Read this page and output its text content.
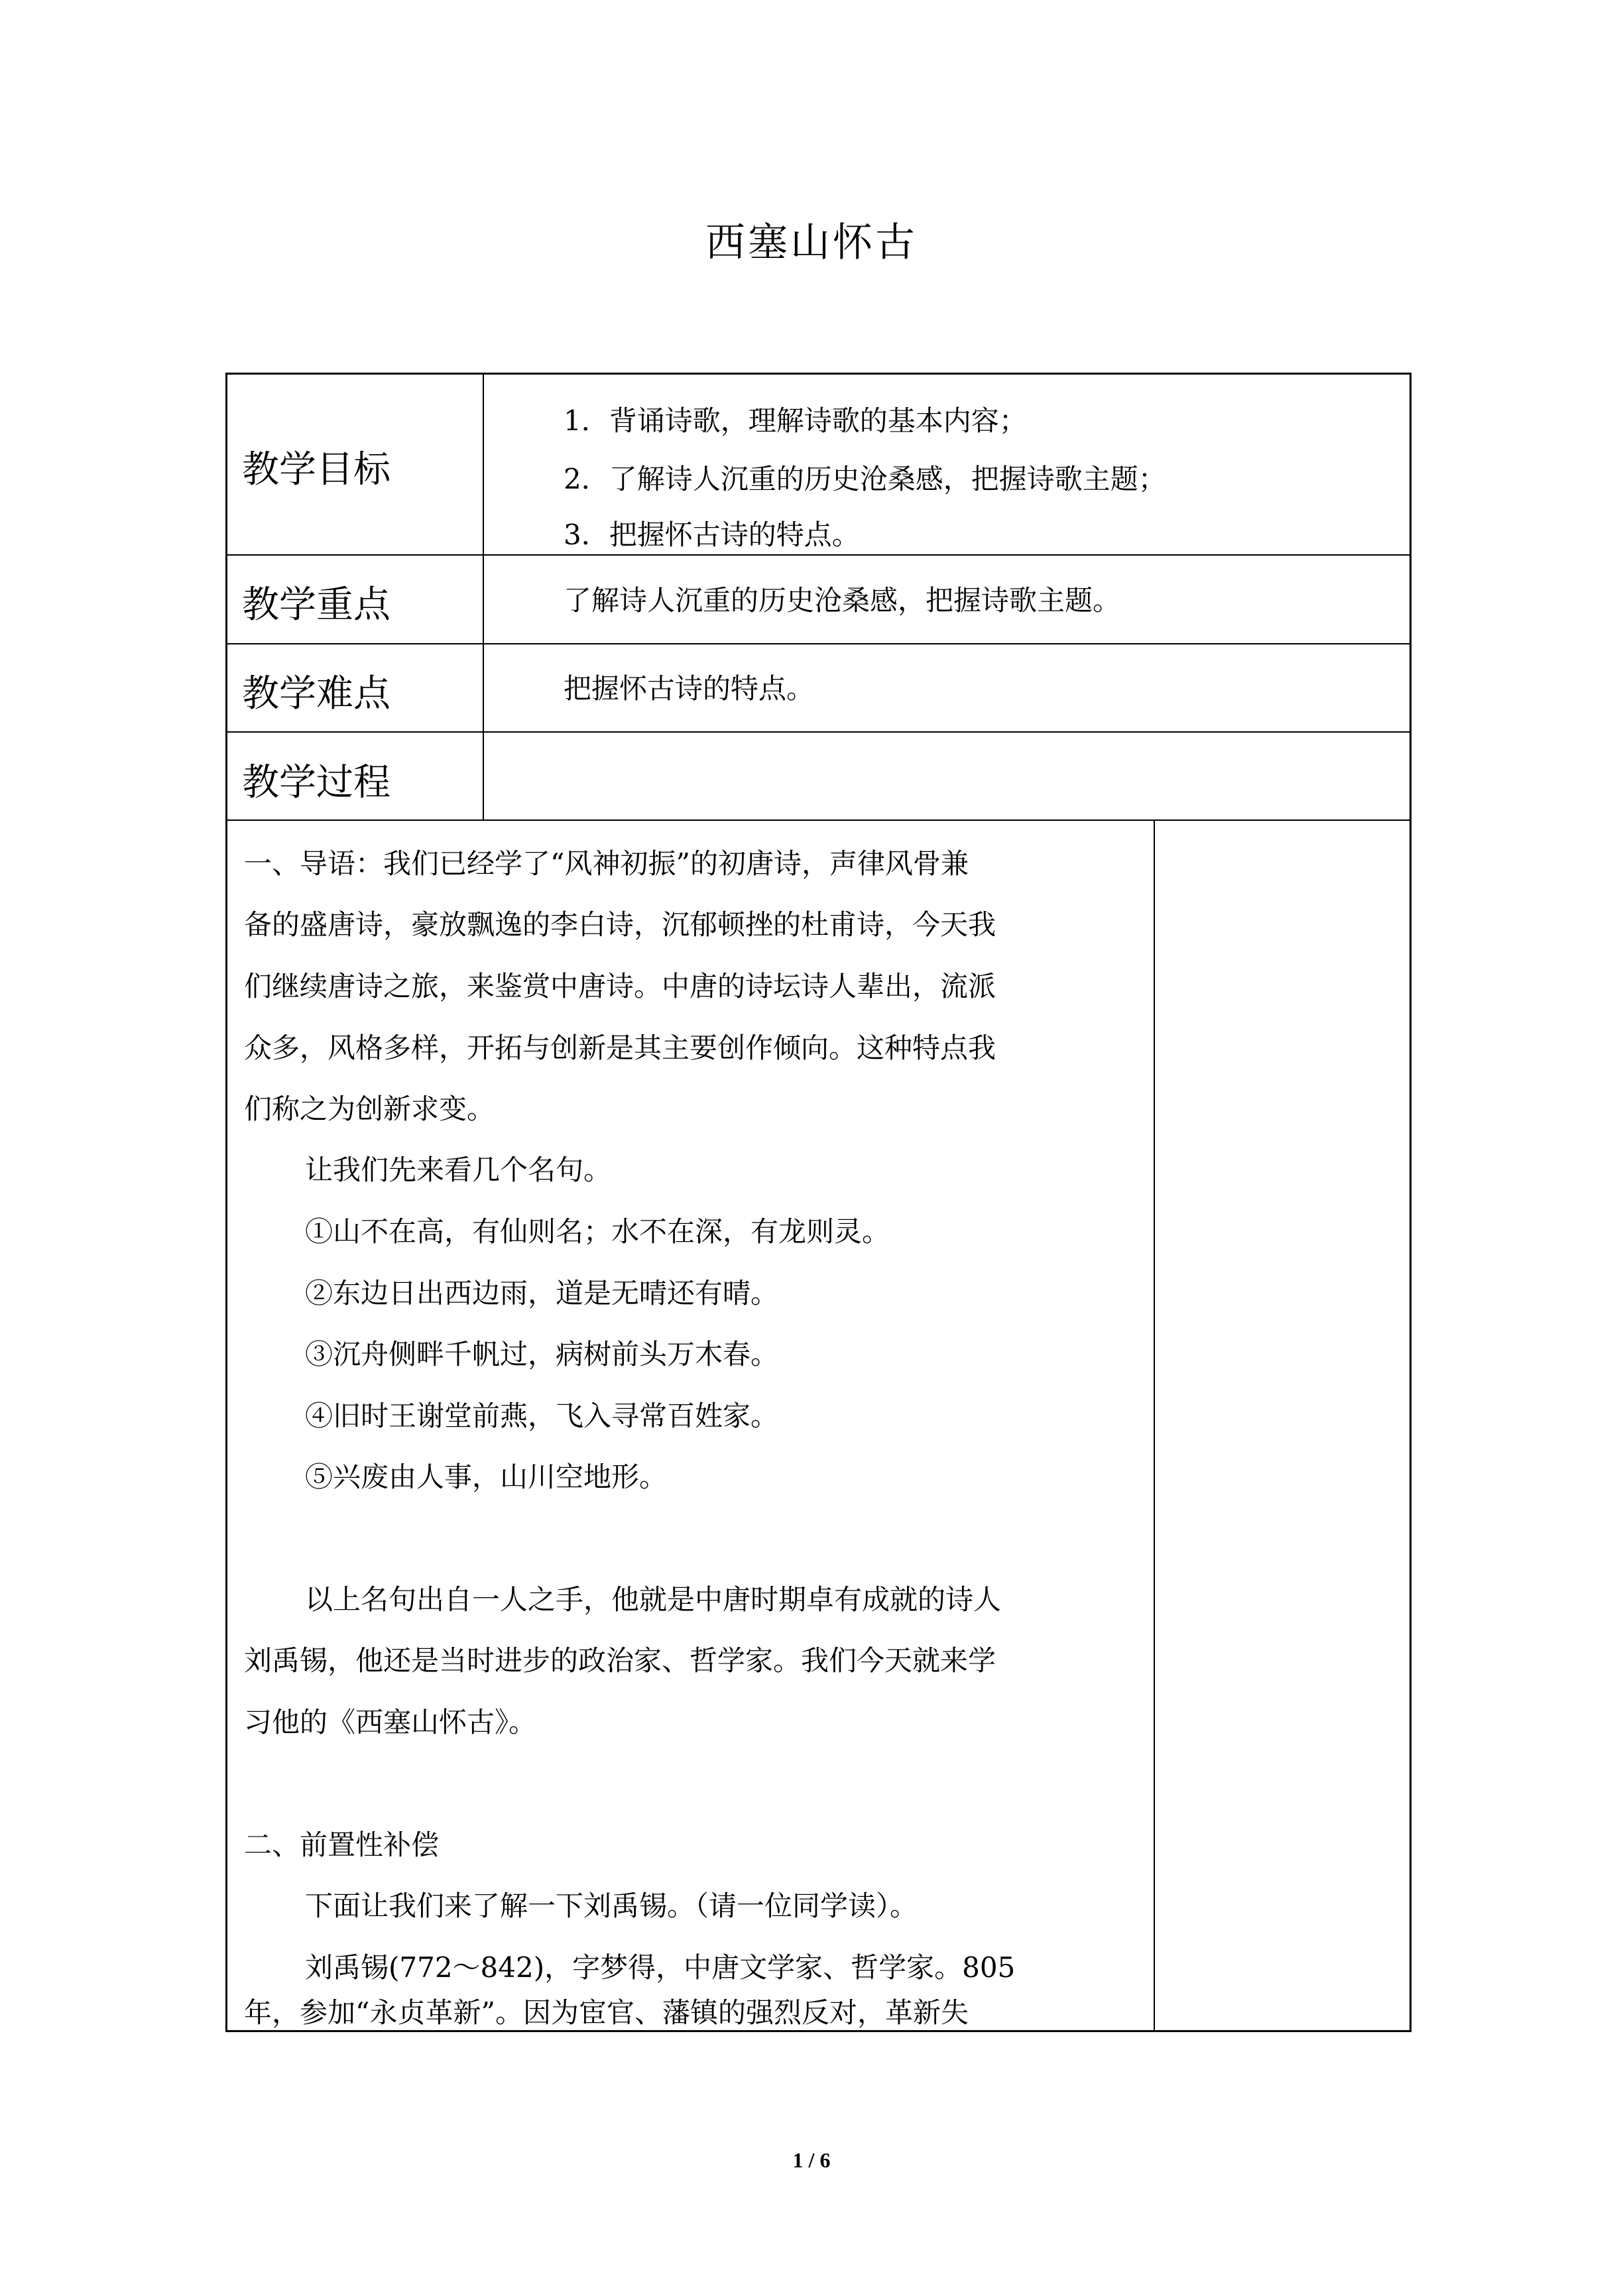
西塞山怀古
教学目标
教学重点
教学难点
教学过程
1．背诵诗歌，理解诗歌的基本内容；
2．了解诗人沉重的历史沧桑感，把握诗歌主题；
3．把握怀古诗的特点。
了解诗人沉重的历史沧桑感，把握诗歌主题。
把握怀古诗的特点。
一、导语：我们已经学了“风神初振”的初唐诗，声律风骨兼
备的盛唐诗，豪放飘逸的李白诗，沉郁顿挫的杜甫诗，今天我
们继续唐诗之旅，来鉴赏中唐诗。中唐的诗坛诗人辈出，流派
众多，风格多样，开拓与创新是其主要创作倾向。这种特点我
们称之为创新求变。
让我们先来看几个名句。
①山不在高，有仙则名；水不在深，有龙则灵。
②东边日出西边雨，道是无晴还有晴。
③沉舟侧畔千帆过，病树前头万木春。
④旧时王谢堂前燕，飞入寻常百姓家。
⑤兴废由人事，山川空地形。
以上名句出自一人之手，他就是中唐时期卓有成就的诗人
刘禹锡，他还是当时进步的政治家、哲学家。我们今天就来学
习他的《西塞山怀古》。
二、前置性补偿
下面让我们来了解一下刘禹锡。（请一位同学读）。
刘禹锡(772～842)，字梦得，中唐文学家、哲学家。805
年，参加“永贞革新”。因为宦官、藩镇的强烈反对，革新失
1 / 6
